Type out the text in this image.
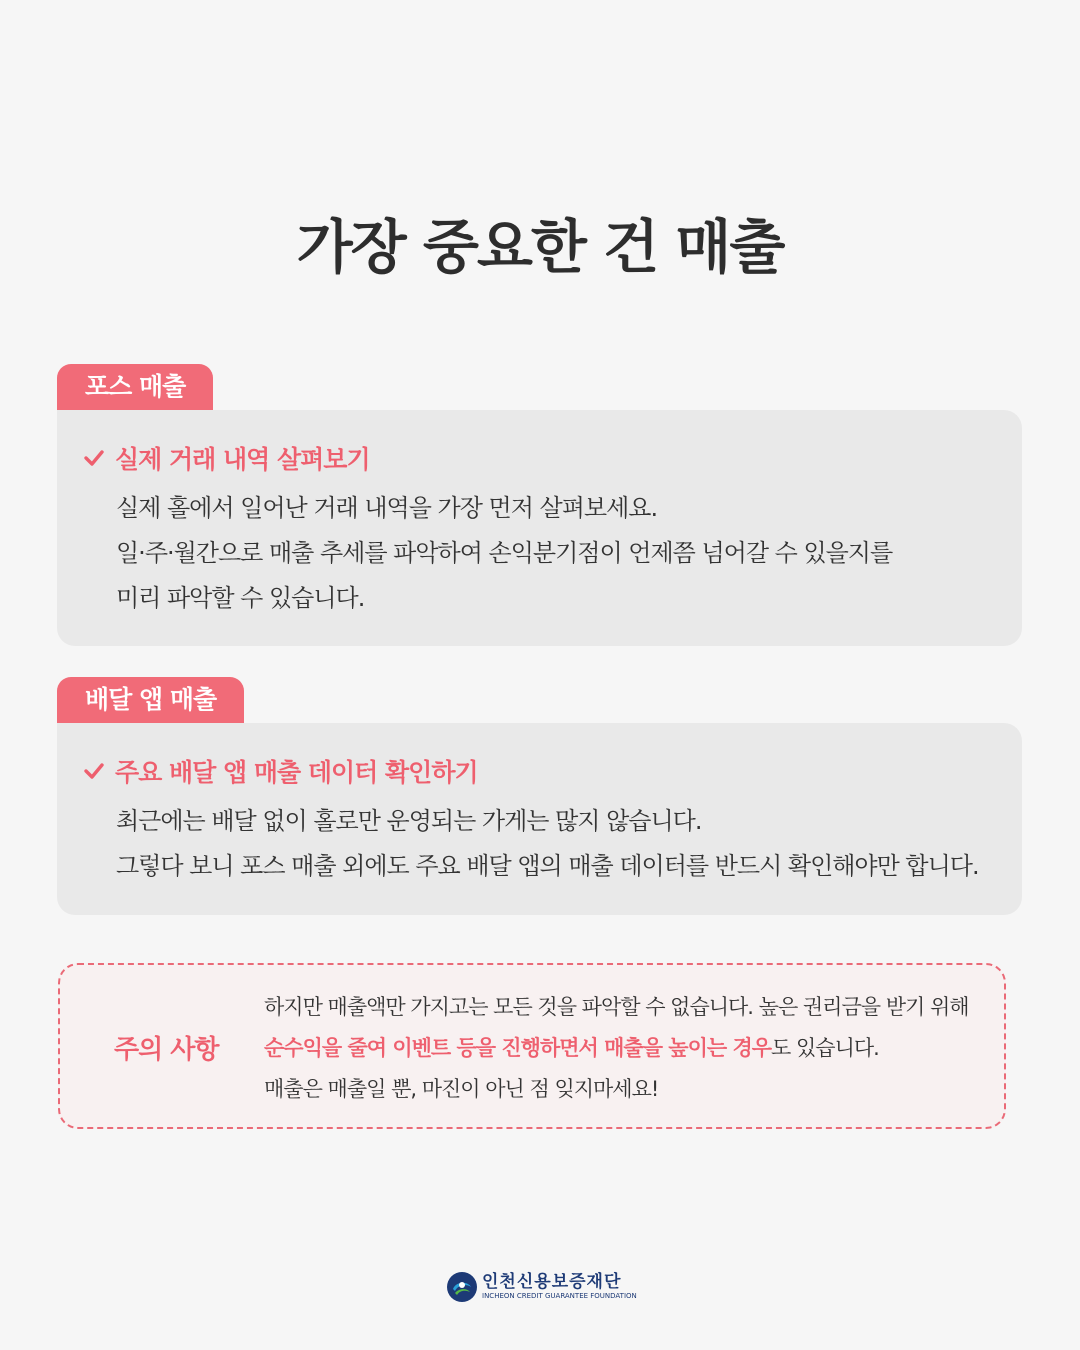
가장 중요한 건 매출
포스 매출
실제 거래 내역 살펴보기

실제 홀에서 일어난 거래 내역을 가장 먼저 살펴보세요.

일·주·월간으로 매출 추세를 파악하여 손익분기점이 언제쯤 넘어갈 수 있을지를

미리 파악할 수 있습니다.

배달 앱 매출
주요 배달 앱 매출 데이터 확인하기

최근에는 배달 없이 홀로만 운영되는 가게는 많지 않습니다.

그렇다 보니 포스 매출 외에도 주요 배달 앱의 매출 데이터를 반드시 확인해야만 합니다.

주의 사항

하지만 매출액만 가지고는 모든 것을 파악할 수 없습니다. 높은 권리금을 받기 위해

순수익을 줄여 이벤트 등을 진행하면서 매출을 높이는 경우도 있습니다.

매출은 매출일 뿐, 마진이 아닌 점 잊지마세요!

인천신용보증재단
INCHEON CREDIT GUARANTEE FOUNDATION
